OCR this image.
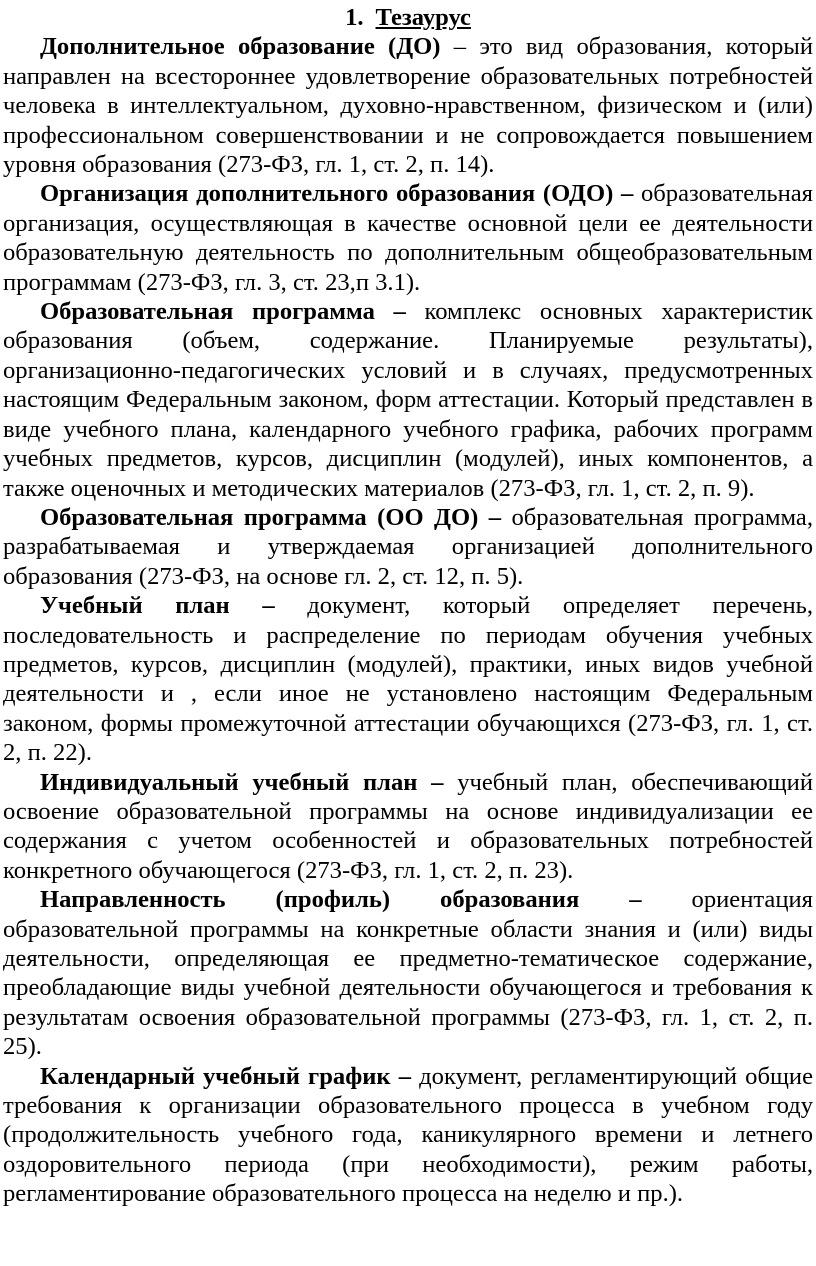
1. Тезаурус

Дополнительное образование (ДО) – это вид образования, который направлен на всестороннее удовлетворение образовательных потребностей человека в интеллектуальном, духовно-нравственном, физическом и (или) профессиональном совершенствовании и не сопровождается повышением уровня образования (273-ФЗ, гл. 1, ст. 2, п. 14).

Организация дополнительного образования (ОДО) – образовательная организация, осуществляющая в качестве основной цели ее деятельности образовательную деятельность по дополнительным общеобразовательным программам (273-ФЗ, гл. 3, ст. 23,п 3.1).

Образовательная программа – комплекс основных характеристик образования (объем, содержание. Планируемые результаты), организационно-педагогических условий и в случаях, предусмотренных настоящим Федеральным законом, форм аттестации. Который представлен в виде учебного плана, календарного учебного графика, рабочих программ учебных предметов, курсов, дисциплин (модулей), иных компонентов, а также оценочных и методических материалов (273-ФЗ, гл. 1, ст. 2, п. 9).

Образовательная программа (ОО ДО) – образовательная программа, разрабатываемая и утверждаемая организацией дополнительного образования (273-ФЗ, на основе гл. 2, ст. 12, п. 5).

Учебный план – документ, который определяет перечень, последовательность и распределение по периодам обучения учебных предметов, курсов, дисциплин (модулей), практики, иных видов учебной деятельности и , если иное не установлено настоящим Федеральным законом, формы промежуточной аттестации обучающихся (273-ФЗ, гл. 1, ст. 2, п. 22).

Индивидуальный учебный план – учебный план, обеспечивающий освоение образовательной программы на основе индивидуализации ее содержания с учетом особенностей и образовательных потребностей конкретного обучающегося (273-ФЗ, гл. 1, ст. 2, п. 23).

Направленность (профиль) образования – ориентация образовательной программы на конкретные области знания и (или) виды деятельности, определяющая ее предметно-тематическое содержание, преобладающие виды учебной деятельности обучающегося и требования к результатам освоения образовательной программы (273-ФЗ, гл. 1, ст. 2, п. 25).

Календарный учебный график – документ, регламентирующий общие требования к организации образовательного процесса в учебном году (продолжительность учебного года, каникулярного времени и летнего оздоровительного периода (при необходимости), режим работы, регламентирование образовательного процесса на неделю и пр.).
